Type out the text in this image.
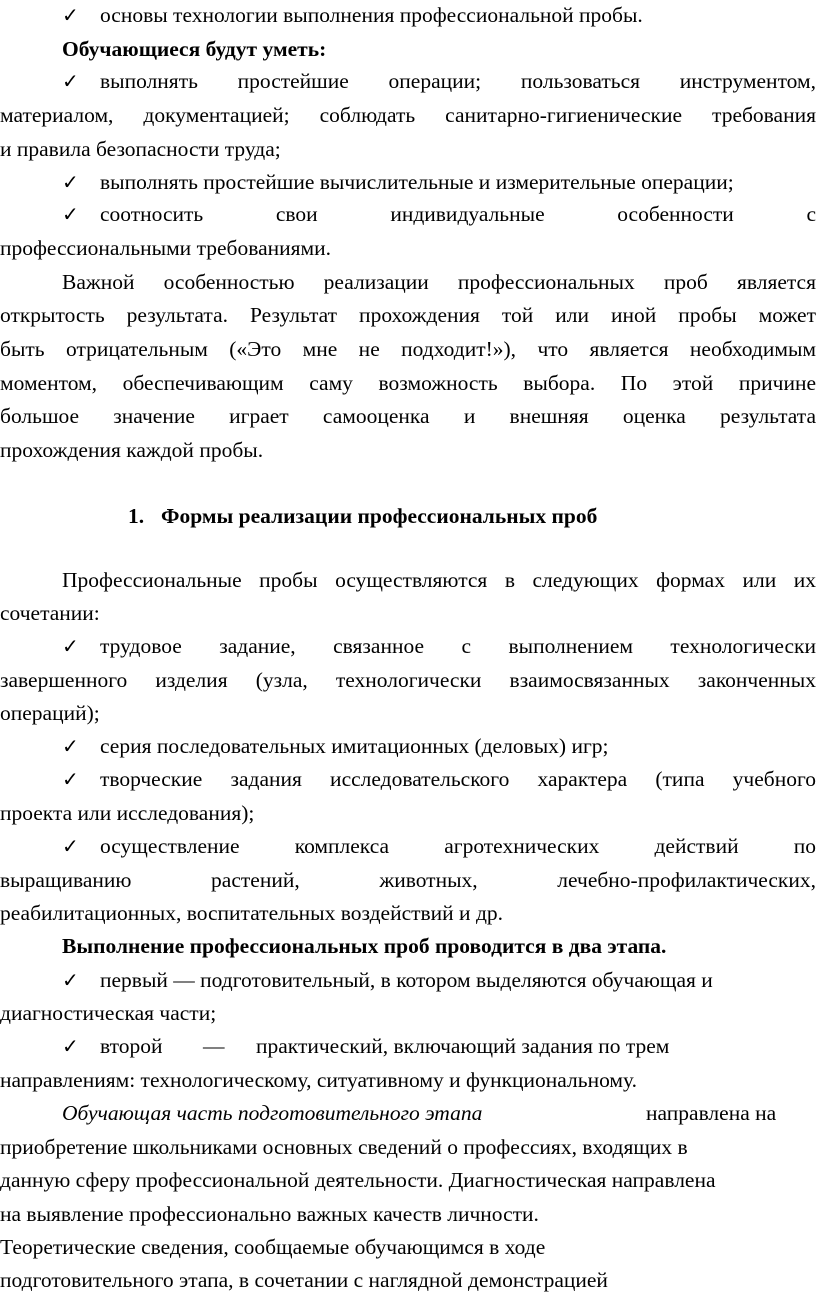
✓ основы технологии выполнения профессиональной пробы.
Обучающиеся будут уметь:
✓ выполнять простейшие операции; пользоваться инструментом,
материалом, документацией; соблюдать санитарно-гигиенические требования
и правила безопасности труда;
✓ выполнять простейшие вычислительные и измерительные операции;
✓ соотносить свои индивидуальные особенности с
профессиональными требованиями.
Важной особенностью реализации профессиональных проб является
открытость результата. Результат прохождения той или иной пробы может
быть отрицательным («Это мне не подходит!»), что является необходимым
моментом, обеспечивающим саму возможность выбора. По этой причине
большое значение играет самооценка и внешняя оценка результата
прохождения каждой пробы.
1. Формы реализации профессиональных проб
Профессиональные пробы осуществляются в следующих формах или их
сочетании:
✓ трудовое задание, связанное с выполнением технологически
завершенного изделия (узла, технологически взаимосвязанных законченных
операций);
✓ серия последовательных имитационных (деловых) игр;
✓ творческие задания исследовательского характера (типа учебного
проекта или исследования);
✓ осуществление комплекса агротехнических действий по
выращиванию растений, животных, лечебно-профилактических,
реабилитационных, воспитательных воздействий и др.
Выполнение профессиональных проб проводится в два этапа.
✓ первый — подготовительный, в котором выделяются обучающая и
диагностическая части;
✓ второй — практический, включающий задания по трем
направлениям: технологическому, ситуативному и функциональному.
Обучающая часть подготовительного этапа	направлена на
приобретение школьниками основных сведений о профессиях, входящих в
данную сферу профессиональной деятельности. Диагностическая направлена
на выявление профессионально важных качеств личности.
Теоретические сведения, сообщаемые обучающимся в ходе
подготовительного этапа, в сочетании с наглядной демонстрацией
